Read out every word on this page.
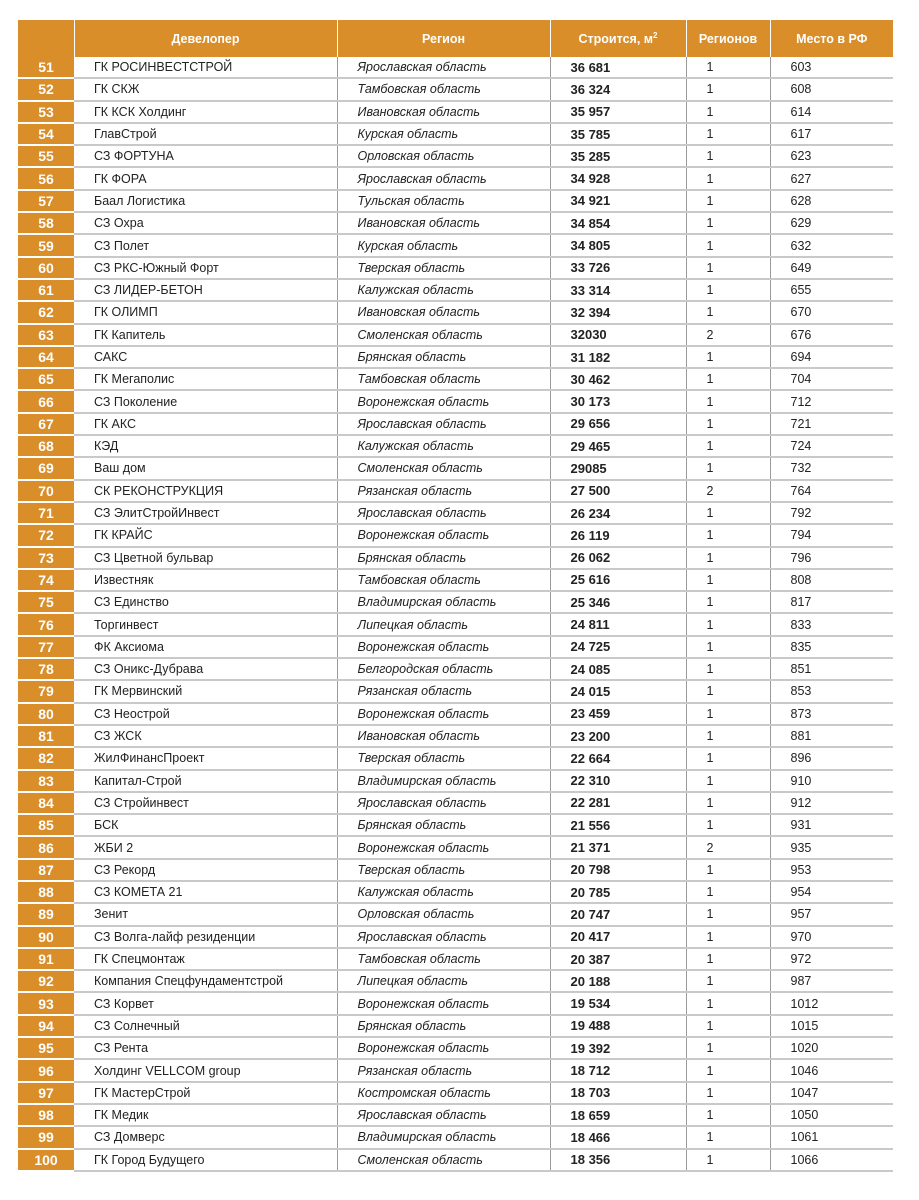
	Девелопер	Регион	Строится, $м^2$	Регионов	Место в РФ
51	ГК РОСИНВЕСТСТРОЙ	Ярославская область	36 681	1	603
52	ГК СКЖ	Тамбовская область	36 324	1	608
53	ГК КСК Холдинг	Ивановская область	35 957	1	614
54	ГлавСтрой	Курская область	35 785	1	617
55	СЗ ФОРТУНА	Орловская область	35 285	1	623
56	ГК ФОРА	Ярославская область	34 928	1	627
57	Баал Логистика	Тульская область	34 921	1	628
58	СЗ Охра	Ивановская область	34 854	1	629
59	СЗ Полет	Курская область	34 805	1	632
60	СЗ РКС-Южный Форт	Тверская область	33 726	1	649
61	СЗ ЛИДЕР-БЕТОН	Калужская область	33 314	1	655
62	ГК ОЛИМП	Ивановская область	32 394	1	670
63	ГК Капитель	Смоленская область	32030	2	676
64	САКС	Брянская область	31 182	1	694
65	ГК Мегаполис	Тамбовская область	30 462	1	704
66	СЗ Поколение	Воронежская область	30 173	1	712
67	ГК АКС	Ярославская область	29 656	1	721
68	КЭД	Калужская область	29 465	1	724
69	Ваш дом	Смоленская область	29085	1	732
70	СК РЕКОНСТРУКЦИЯ	Рязанская область	27 500	2	764
71	СЗ ЭлитСтройИнвест	Ярославская область	26 234	1	792
72	ГК КРАЙС	Воронежская область	26 119	1	794
73	СЗ Цветной бульвар	Брянская область	26 062	1	796
74	Известняк	Тамбовская область	25 616	1	808
75	СЗ Единство	Владимирская область	25 346	1	817
76	Торгинвест	Липецкая область	24 811	1	833
77	ФК Аксиома	Воронежская область	24 725	1	835
78	СЗ Оникс-Дубрава	Белгородская область	24 085	1	851
79	ГК Мервинский	Рязанская область	24 015	1	853
80	СЗ Неострой	Воронежская область	23 459	1	873
81	СЗ ЖСК	Ивановская область	23 200	1	881
82	ЖилФинансПроект	Тверская область	22 664	1	896
83	Капитал-Строй	Владимирская область	22 310	1	910
84	СЗ Стройинвест	Ярославская область	22 281	1	912
85	БСК	Брянская область	21 556	1	931
86	ЖБИ 2	Воронежская область	21 371	2	935
87	СЗ Рекорд	Тверская область	20 798	1	953
88	СЗ КОМЕТА 21	Калужская область	20 785	1	954
89	Зенит	Орловская область	20 747	1	957
90	СЗ Волга-лайф резиденции	Ярославская область	20 417	1	970
91	ГК Спецмонтаж	Тамбовская область	20 387	1	972
92	Компания Спецфундаментстрой	Липецкая область	20 188	1	987
93	СЗ Корвет	Воронежская область	19 534	1	1012
94	СЗ Солнечный	Брянская область	19 488	1	1015
95	СЗ Рента	Воронежская область	19 392	1	1020
96	Холдинг VELLCOM group	Рязанская область	18 712	1	1046
97	ГК МастерСтрой	Костромская область	18 703	1	1047
98	ГК Медик	Ярославская область	18 659	1	1050
99	СЗ Домверс	Владимирская область	18 466	1	1061
100	ГК Город Будущего	Смоленская область	18 356	1	1066
